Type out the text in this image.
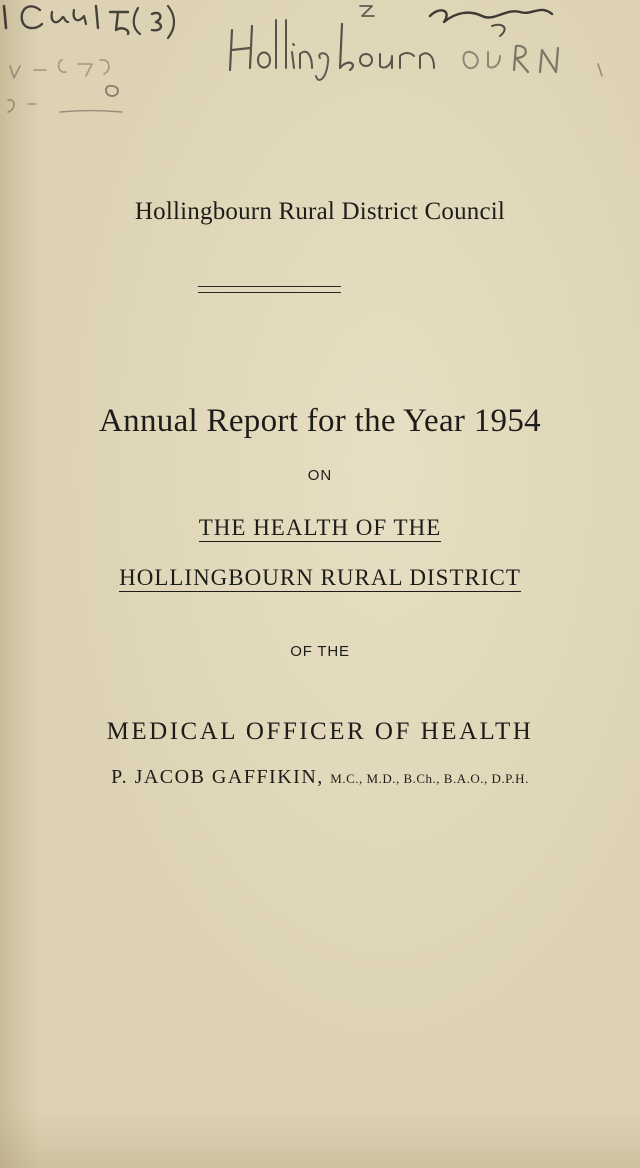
Hollingbourn Rural District Council
Annual Report for the Year 1954
ON
THE HEALTH OF THE
HOLLINGBOURN RURAL DISTRICT
OF THE
MEDICAL OFFICER OF HEALTH
P. JACOB GAFFIKIN, M.C., M.D., B.Ch., B.A.O., D.P.H.
